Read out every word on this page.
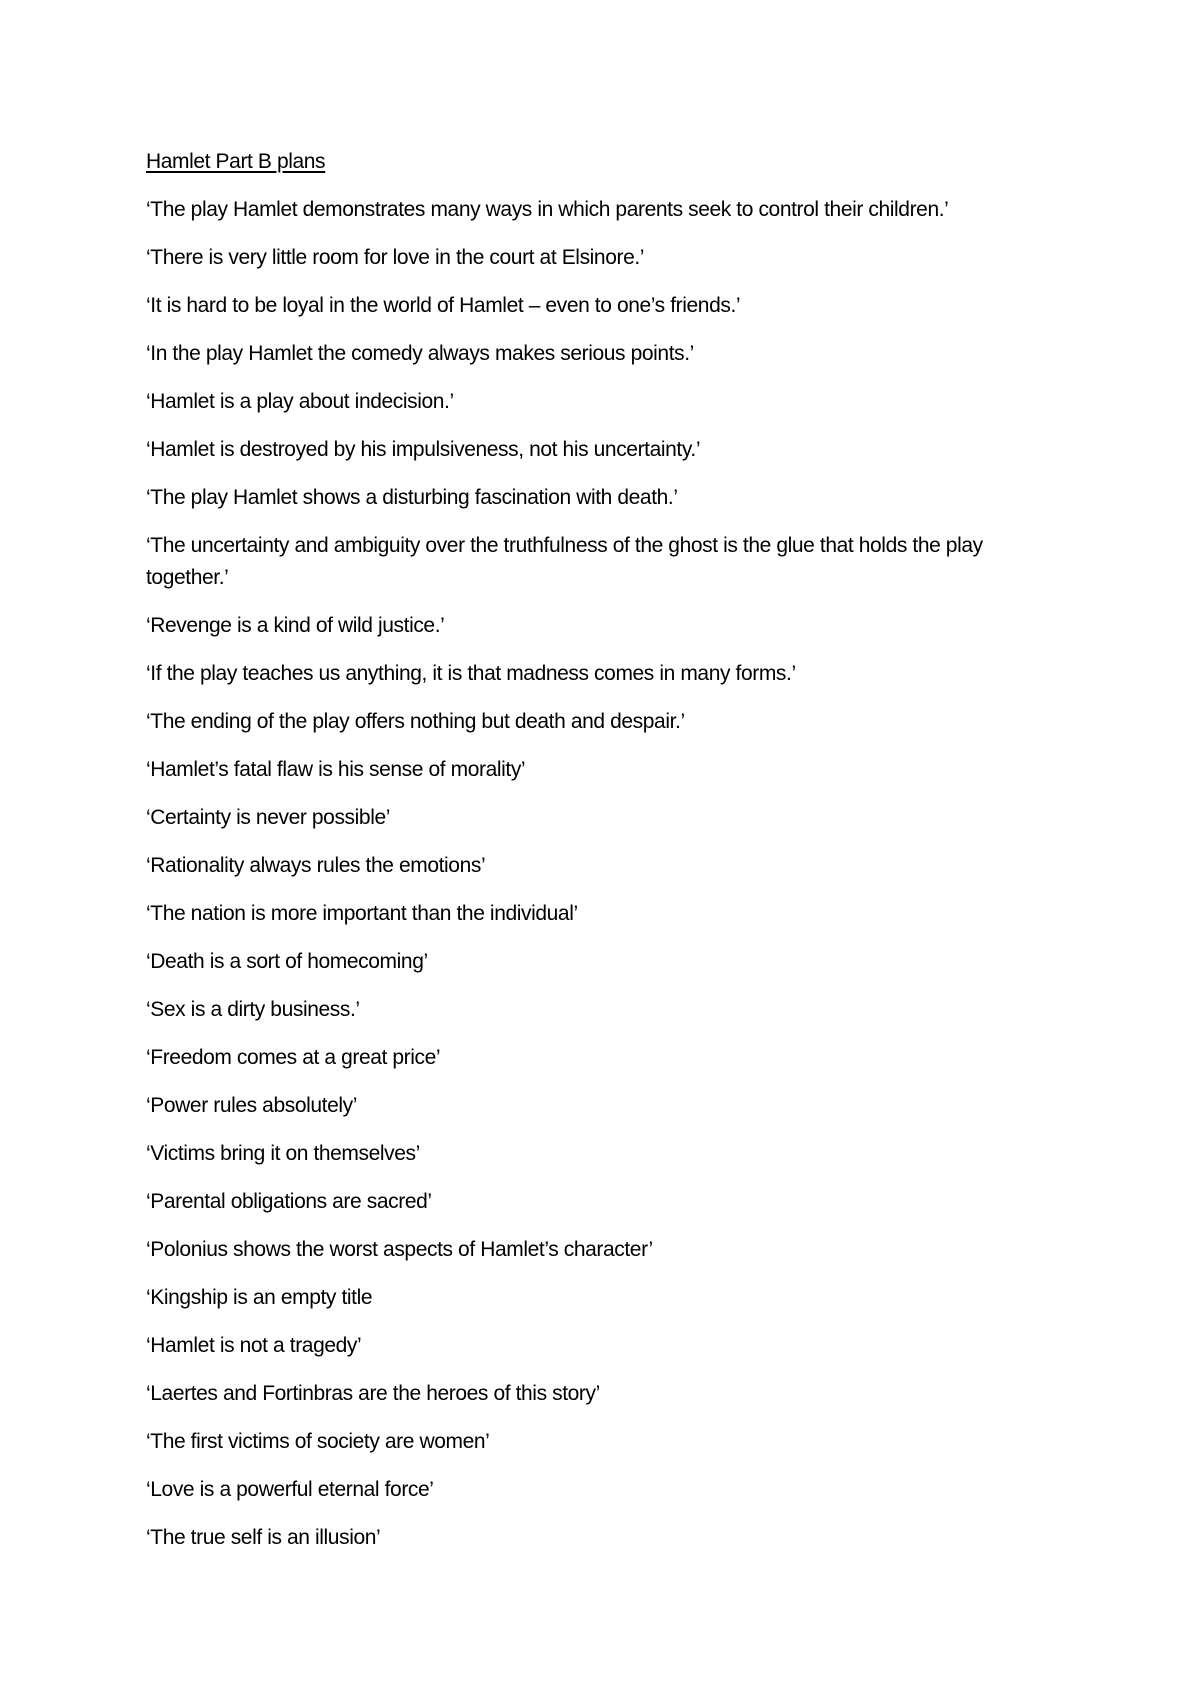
Hamlet Part B plans
‘The play Hamlet demonstrates many ways in which parents seek to control their children.’
‘There is very little room for love in the court at Elsinore.’
‘It is hard to be loyal in the world of Hamlet – even to one’s friends.’
‘In the play Hamlet the comedy always makes serious points.’
‘Hamlet is a play about indecision.’
‘Hamlet is destroyed by his impulsiveness, not his uncertainty.’
‘The play Hamlet shows a disturbing fascination with death.’
‘The uncertainty and ambiguity over the truthfulness of the ghost is the glue that holds the play together.’
‘Revenge is a kind of wild justice.’
‘If the play teaches us anything, it is that madness comes in many forms.’
‘The ending of the play offers nothing but death and despair.’
‘Hamlet’s fatal flaw is his sense of morality’
‘Certainty is never possible’
‘Rationality always rules the emotions’
‘The nation is more important than the individual’
‘Death is a sort of homecoming’
‘Sex is a dirty business.’
‘Freedom comes at a great price’
‘Power rules absolutely’
‘Victims bring it on themselves’
‘Parental obligations are sacred’
‘Polonius shows the worst aspects of Hamlet’s character’
‘Kingship is an empty title
‘Hamlet is not a tragedy’
‘Laertes and Fortinbras are the heroes of this story’
‘The first victims of society are women’
‘Love is a powerful eternal force’
‘The true self is an illusion’
